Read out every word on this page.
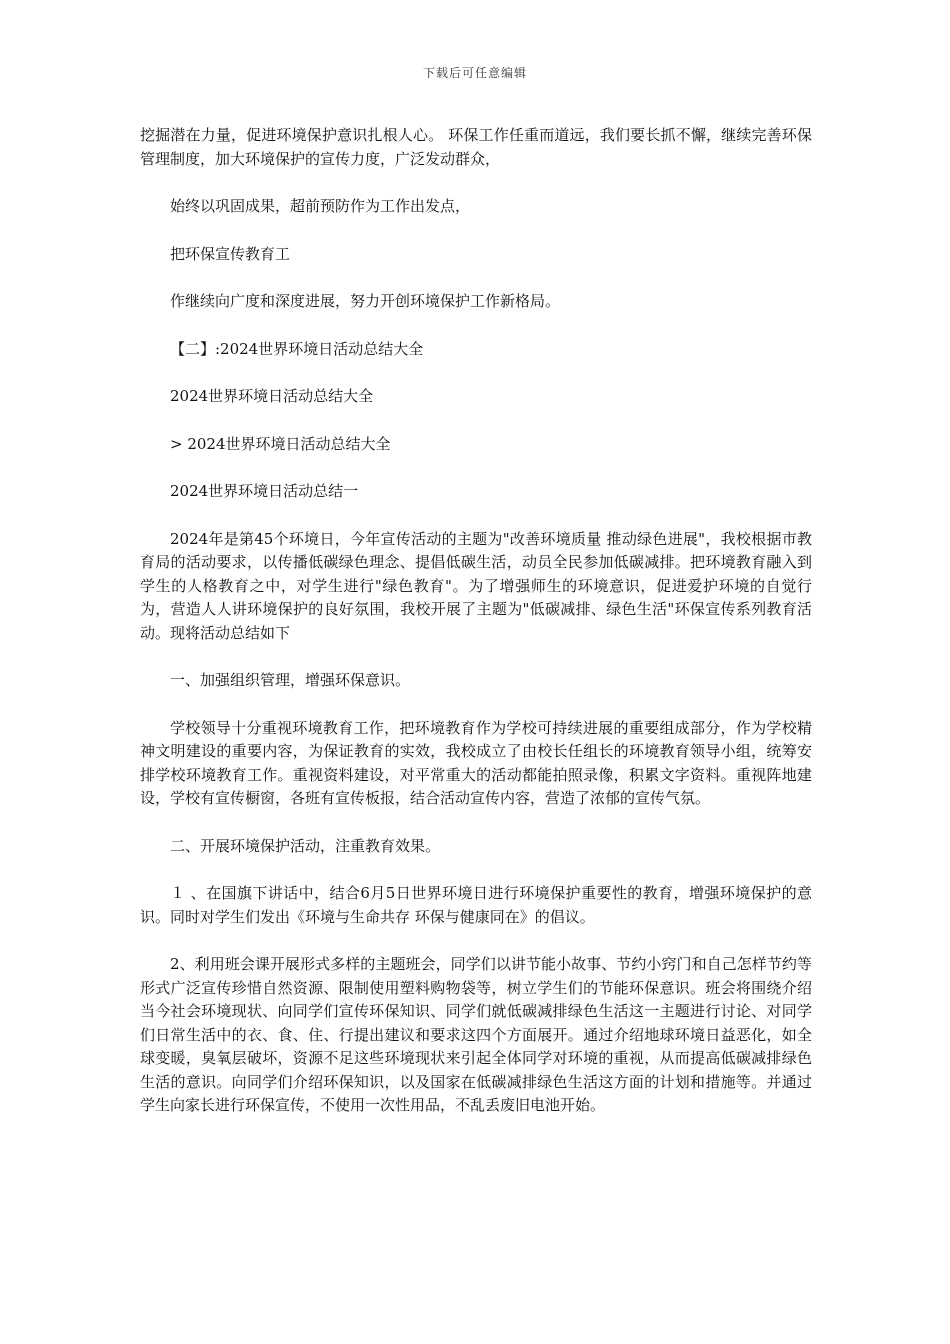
下载后可任意编辑

挖掘潜在力量，促进环境保护意识扎根人心。 环保工作任重而道远，我们要长抓不懈，继续完善环保管理制度，加大环境保护的宣传力度，广泛发动群众，

始终以巩固成果，超前预防作为工作出发点，

把环保宣传教育工

作继续向广度和深度进展，努力开创环境保护工作新格局。

【二】:2024世界环境日活动总结大全

2024世界环境日活动总结大全

> 2024世界环境日活动总结大全

2024世界环境日活动总结一

2024年是第45个环境日，今年宣传活动的主题为"改善环境质量 推动绿色进展"，我校根据市教育局的活动要求，以传播低碳绿色理念、提倡低碳生活，动员全民参加低碳减排。把环境教育融入到学生的人格教育之中，对学生进行"绿色教育"。为了增强师生的环境意识，促进爱护环境的自觉行为，营造人人讲环境保护的良好氛围，我校开展了主题为"低碳减排、绿色生活"环保宣传系列教育活动。现将活动总结如下

一、加强组织管理，增强环保意识。

学校领导十分重视环境教育工作，把环境教育作为学校可持续进展的重要组成部分，作为学校精神文明建设的重要内容，为保证教育的实效，我校成立了由校长任组长的环境教育领导小组，统筹安排学校环境教育工作。重视资料建设，对平常重大的活动都能拍照录像，积累文字资料。重视阵地建设，学校有宣传橱窗，各班有宣传板报，结合活动宣传内容，营造了浓郁的宣传气氛。

二、开展环境保护活动，注重教育效果。

１ 、在国旗下讲话中，结合6月5日世界环境日进行环境保护重要性的教育，增强环境保护的意识。同时对学生们发出《环境与生命共存 环保与健康同在》的倡议。

2、利用班会课开展形式多样的主题班会，同学们以讲节能小故事、节约小窍门和自己怎样节约等形式广泛宣传珍惜自然资源、限制使用塑料购物袋等，树立学生们的节能环保意识。班会将围绕介绍当今社会环境现状、向同学们宣传环保知识、同学们就低碳减排绿色生活这一主题进行讨论、对同学们日常生活中的衣、食、住、行提出建议和要求这四个方面展开。通过介绍地球环境日益恶化，如全球变暖，臭氧层破坏，资源不足这些环境现状来引起全体同学对环境的重视，从而提高低碳减排绿色生活的意识。向同学们介绍环保知识，以及国家在低碳减排绿色生活这方面的计划和措施等。并通过学生向家长进行环保宣传，不使用一次性用品，不乱丢废旧电池开始。
